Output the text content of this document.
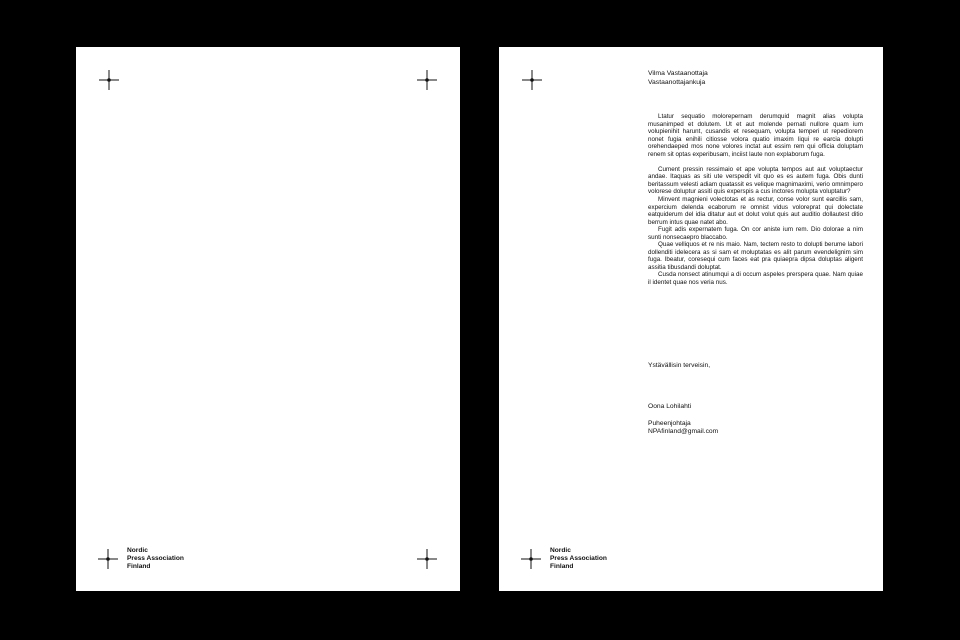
Nordic
Press Association
Finland
Vilma Vastaanottaja
Vastaanottajankuja

Ltatur sequatio molorepernam derumquid magnit alias volupta musanimped et dolutem. Ut et aut molende pernati nullore quam ium volupienihit harunt, cusandis et resequam, volupta temperi ut repediorem nonet fugia enihili citiosse volora quatio imaxim liqui re earcia dolupti orehendaeped mos none volores inctat aut essim rem qui officia doluptam renem sit optas experibusam, inciist laute non explaborum fuga.

Cument pressin ressimaio et ape volupta tempos aut aut voluptaectur andae. Itaquas as siti ute verspedit vit quo es es autem fuga. Obis dunti beritassum velesti adiam quatassit es velique magnimaximi, verio omnimpero volorese doluptur assiti quis experspis a cus inctores molupta voluptatur?

Minvent magnieni volectotas et as rectur, conse volor sunt earcillis sam, expercium delenda ecaborum re omnist vidus voloreprat qui dolectate eatquiderum del idia ditatur aut et dolut volut quis aut auditio dollautest ditio berrum intus quae natet abo.

Fugit adis expernatem fuga. On cor aniste ium rem. Dio dolorae a nim sunti nonsecaepro blaccabo.

Quae velliquos et re nis maio. Nam, tectem resto to dolupti berume labori dollenditi idelecera as si sam et moluptatas es alit parum evendelignim sim fuga. Ibeatur, coresequi cum faces eat pra quiaepra dipsa doluptas aligent assitia tibusdandi doluptat.

Cusda nonsect atinumqui a di occum aspeles prerspera quae. Nam quiae il identet quae nos veria nus.

Ystävällisin terveisin,
Oona Lohilahti
Puheenjohtaja
NPAfinland@gmail.com
Nordic
Press Association
Finland
